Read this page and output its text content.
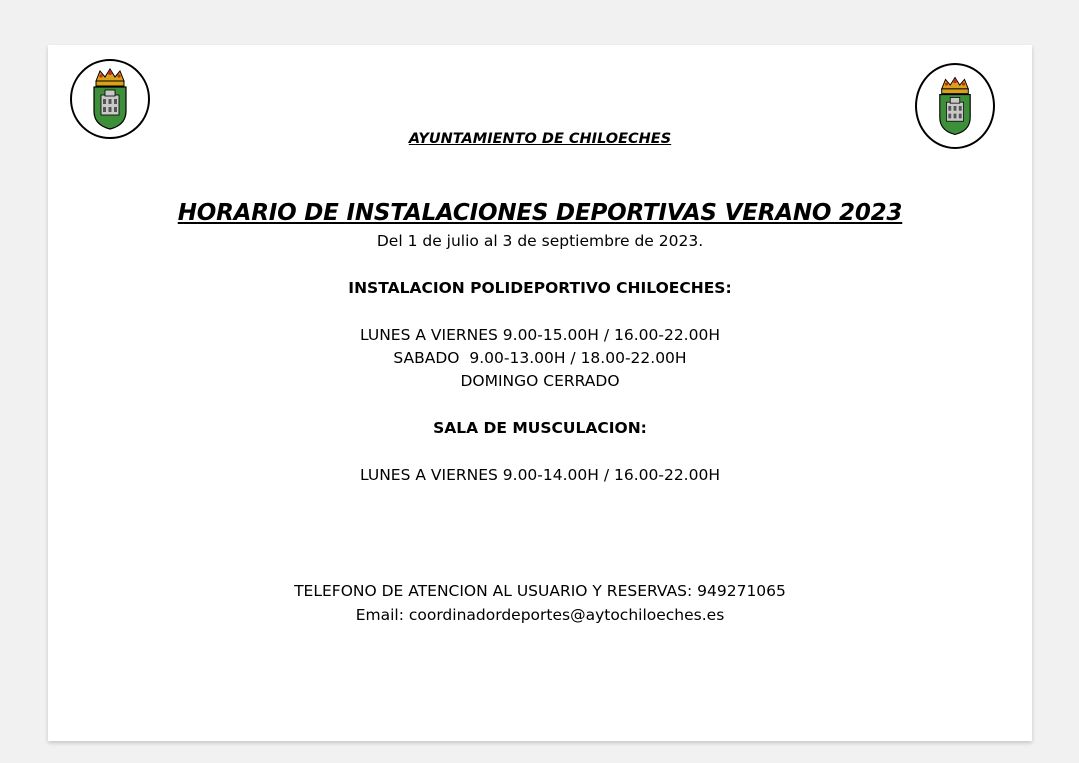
AYUNTAMIENTO DE CHILOECHES
HORARIO DE INSTALACIONES DEPORTIVAS VERANO 2023
Del 1 de julio al 3 de septiembre de 2023.
INSTALACION POLIDEPORTIVO CHILOECHES:
LUNES A VIERNES 9.00-15.00H / 16.00-22.00H
SABADO  9.00-13.00H / 18.00-22.00H
DOMINGO CERRADO
SALA DE MUSCULACION:
LUNES A VIERNES 9.00-14.00H / 16.00-22.00H
TELEFONO DE ATENCION AL USUARIO Y RESERVAS: 949271065
Email: coordinadordeportes@aytochiloeches.es
